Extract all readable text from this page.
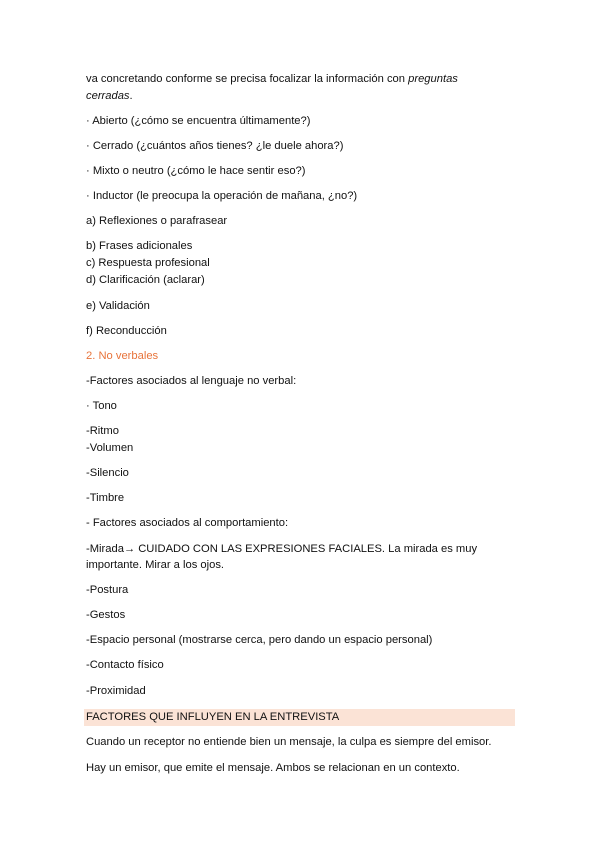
va concretando conforme se precisa focalizar la información con preguntas
cerradas.
· Abierto (¿cómo se encuentra últimamente?)
· Cerrado (¿cuántos años tienes? ¿le duele ahora?)
· Mixto o neutro (¿cómo le hace sentir eso?)
· Inductor (le preocupa la operación de mañana, ¿no?)
a) Reflexiones o parafrasear
b) Frases adicionales
c) Respuesta profesional
d) Clarificación (aclarar)
e) Validación
f) Reconducción
2. No verbales
-Factores asociados al lenguaje no verbal:
· Tono
-Ritmo
-Volumen
-Silencio
-Timbre
- Factores asociados al comportamiento:
-Mirada→ CUIDADO CON LAS EXPRESIONES FACIALES. La mirada es muy
importante. Mirar a los ojos.
-Postura
-Gestos
-Espacio personal (mostrarse cerca, pero dando un espacio personal)
-Contacto físico
-Proximidad
FACTORES QUE INFLUYEN EN LA ENTREVISTA
Cuando un receptor no entiende bien un mensaje, la culpa es siempre del emisor.
Hay un emisor, que emite el mensaje. Ambos se relacionan en un contexto.
